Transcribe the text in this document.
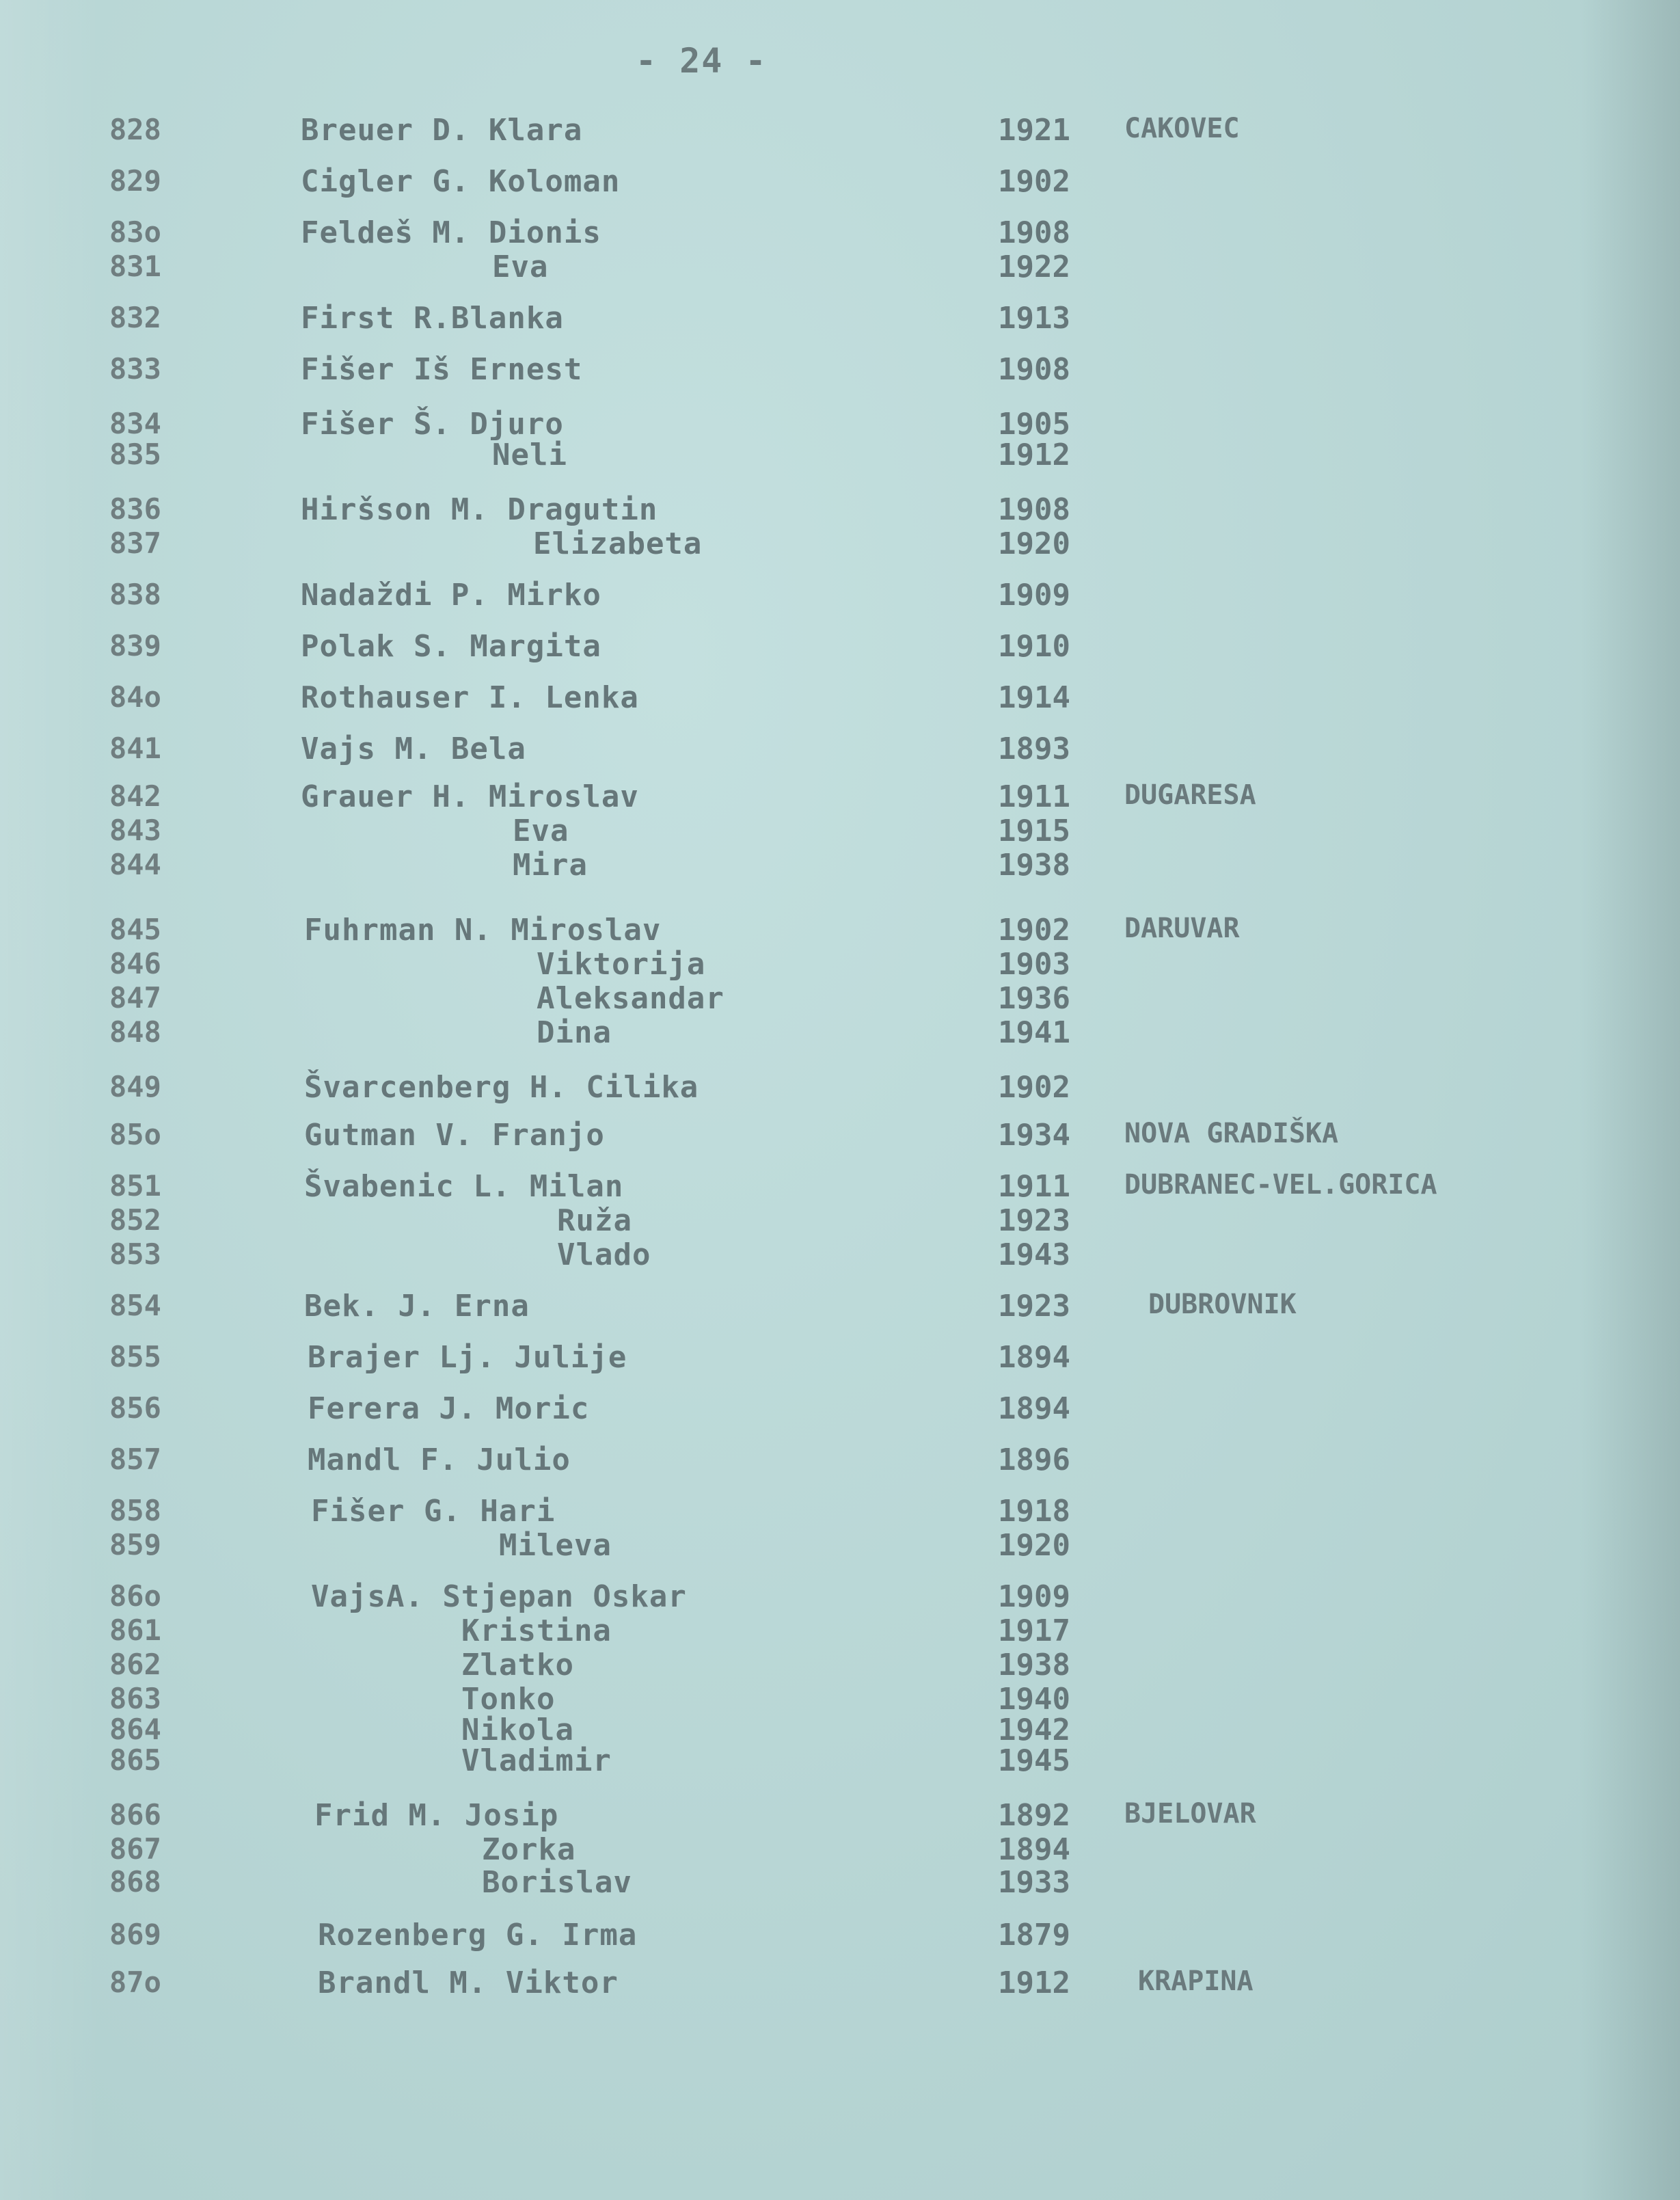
- 24 -
828	Breuer D. Klara	1921 CAKOVEC
829	Cigler G. Koloman	1902
83o	Feldeš M. Dionis	1908
831	Eva	1922
832	First R.Blanka	1913
833	Fišer Iš Ernest	1908
834	Fišer Š. Djuro	1905
835	Neli	1912
836	Hiršson M. Dragutin	1908
837	Elizabeta	1920
838	Nadaždi P. Mirko	1909
839	Polak S. Margita	1910
84o	Rothauser I. Lenka	1914
841	Vajs M. Bela	1893
842	Grauer H. Miroslav	1911 DUGARESA
843	Eva	1915
844	Mira	1938
845	Fuhrman N. Miroslav	1902 DARUVAR
846	Viktorija	1903
847	Aleksandar	1936
848	Dina	1941
849	Švarcenberg H. Cilika	1902
85o	Gutman V. Franjo	1934 NOVA GRADIŠKA
851	Švabenic L. Milan	1911 DUBRANEC-VEL.GORICA
852	Ruža	1923
853	Vlado	1943
854	Bek. J. Erna	1923	DUBROVNIK
855	Brajer Lj. Julije	1894
856	Ferera J. Moric	1894
857	Mandl F. Julio	1896
858	Fišer G. Hari	1918
859	Mileva	1920
86o	VajsA. Stjepan Oskar	1909
861	Kristina	1917
862	Zlatko	1938
863	Tonko	1940
864	Nikola	1942
865	Vladimir	1945
866	Frid M. Josip	1892 BJELOVAR
867	Zorka	1894
868	Borislav	1933
869	Rozenberg G. Irma	1879
87o	Brandl M. Viktor	1912 KRAPINA
